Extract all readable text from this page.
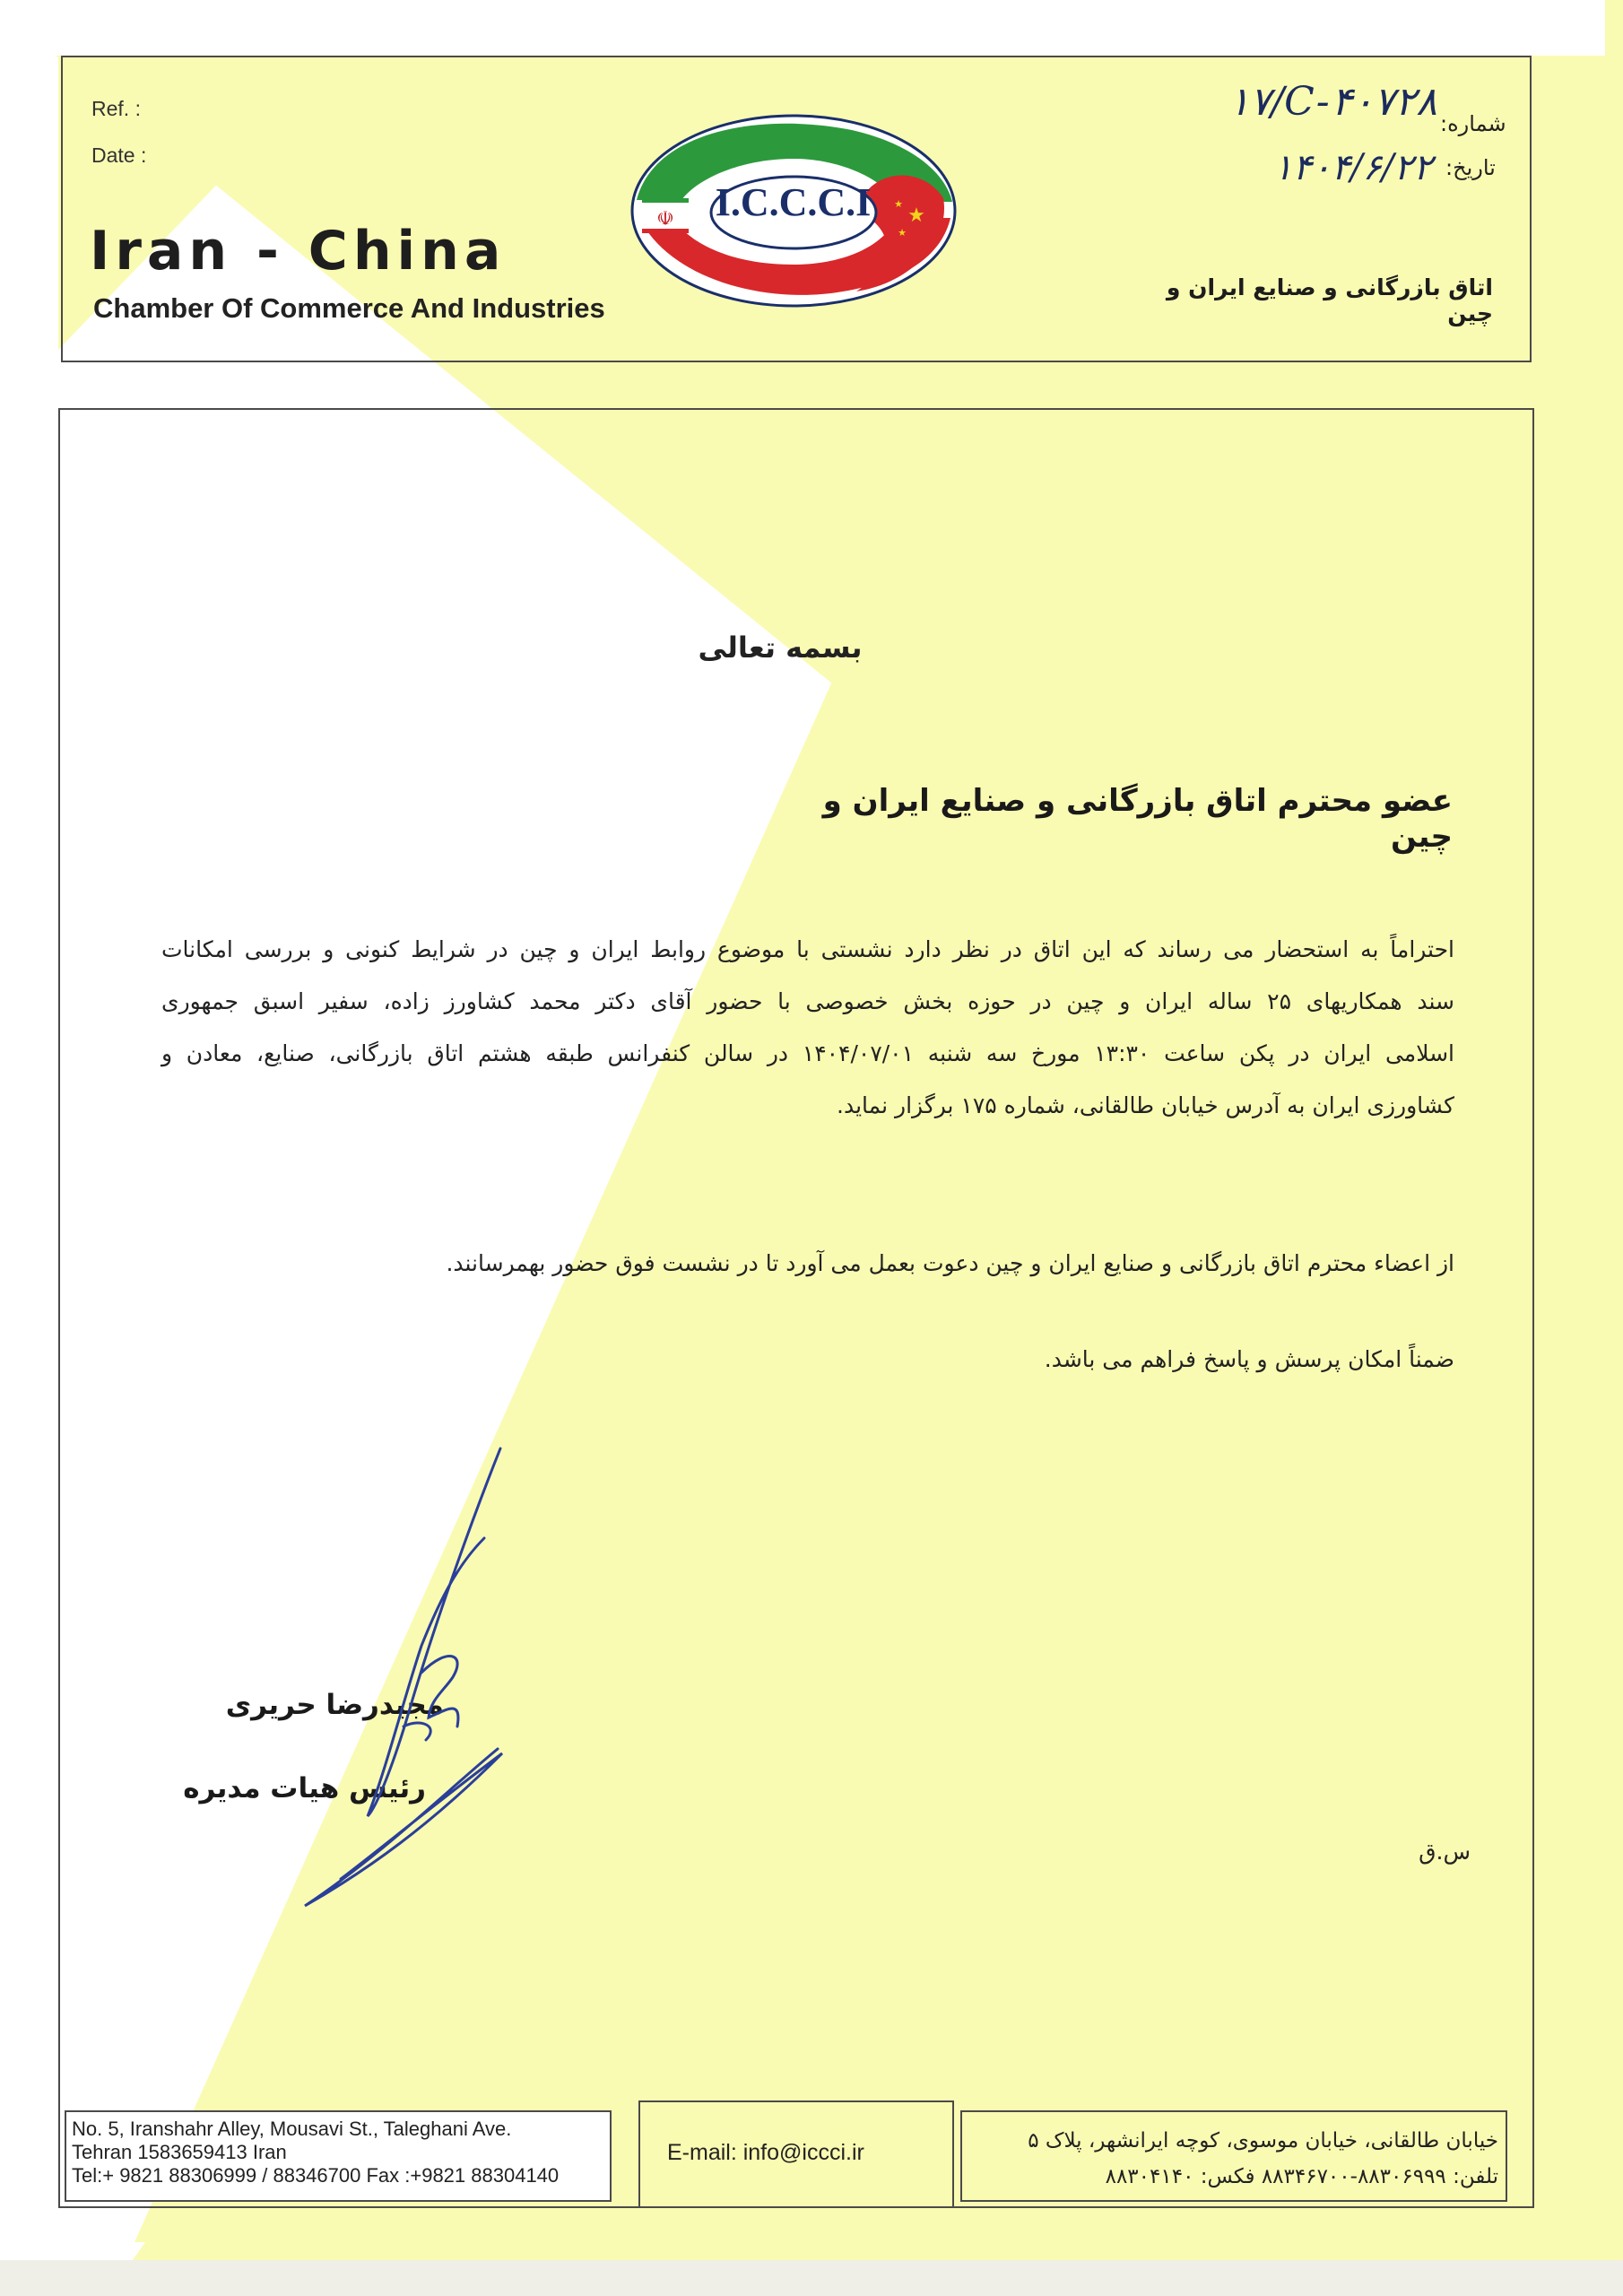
Ref. :
Date :
Iran - China
Chamber Of Commerce And Industries
☫	★
★
★
I.C.C.C.I
شماره:
۱۷/C-۴۰۷۲۸
تاریخ:
۱۴۰۴/۶/۲۲
اتاق بازرگانی و صنایع ایران و چین
بسمه تعالی
عضو محترم اتاق بازرگانی و صنایع ایران و چین
احتراماً به استحضار می رساند که این اتاق در نظر دارد نشستی با موضوع روابط ایران و چین در شرایط کنونی و بررسی امکانات
سند همکاریهای ۲۵ ساله ایران و چین در حوزه بخش خصوصی با حضور آقای دکتر محمد کشاورز زاده، سفیر اسبق جمهوری
اسلامی ایران در پکن ساعت ۱۳:۳۰ مورخ سه شنبه ۱۴۰۴/۰۷/۰۱ در سالن کنفرانس طبقه هشتم اتاق بازرگانی، صنایع، معادن و
کشاورزی ایران به آدرس خیابان طالقانی، شماره ۱۷۵ برگزار نماید.
از اعضاء محترم اتاق بازرگانی و صنایع ایران و چین دعوت بعمل می آورد تا در نشست فوق حضور بهمرسانند.
ضمناً امکان پرسش و پاسخ فراهم می باشد.
مجیدرضا حریری
رئیس هیات مدیره
س.ق
No. 5, Iranshahr Alley, Mousavi St., Taleghani Ave.
Tehran 1583659413 Iran
Tel:+ 9821 88306999 / 88346700 Fax :+9821 88304140
E-mail: info@iccci.ir	خیابان طالقانی، خیابان موسوی، کوچه ایرانشهر، پلاک ۵
تلفن: ۸۸۳۰۶۹۹۹-۸۸۳۴۶۷۰۰ فکس: ۸۸۳۰۴۱۴۰
